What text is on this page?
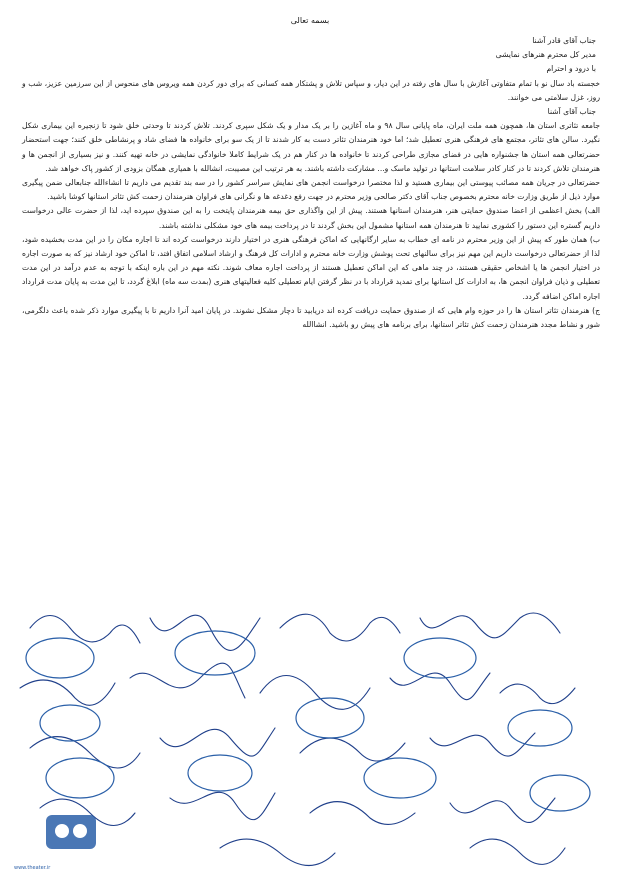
بسمه تعالی

جناب آقای قادر آشنا

مدیر کل محترم هنرهای نمایشی

با درود و احترام

خجسته باد سال نو با تمام متفاوتی آغازش با سال های رفته در این دیار، و سپاس تلاش و پشتکار همه کسانی که برای دور کردن همه ویروس های منحوس از این سرزمین عزیز، شب و روز، غزل سلامتی می خوانند.

جناب آقای آشنا

جامعه تئاتری استان ها، همچون همه ملت ایران، ماه پایانی سال ۹۸ و ماه آغازین را بر یک مدار و یک شکل سپری کردند. تلاش کردند تا وحدتی خلق شود تا زنجیره این بیماری شکل نگیرد. سالن های تئاتر، مجتمع های فرهنگی هنری تعطیل شد؛ اما خود هنرمندان تئاتر دست به کار شدند تا از یک سو برای خانواده ها فضای شاد و پرنشاطی خلق کنند؛ جهت استحضار حضرتعالی همه استان ها جشنواره هایی در فضای مجازی طراحی کردند تا خانواده ها در کنار هم در یک شرایط کاملا خانوادگی نمایشی در خانه تهیه کنند. و نیز بسیاری از انجمن ها و هنرمندان تلاش کردند تا در کنار کادر سلامت استانها در تولید ماسک و... مشارکت داشته باشند. به هر ترتیب این مصیبت، انشالله با همیاری همگان بزودی از کشور پاک خواهد شد.

حضرتعالی در جریان همه مصائب پیوستی این بیماری هستید و لذا مختصرا درخواست انجمن های نمایش سراسر کشور را در سه بند تقدیم می داریم تا انشاءالله جنابعالی ضمن پیگیری موارد ذیل از طریق وزارت خانه محترم بخصوص جناب آقای دکتر صالحی وزیر محترم در جهت رفع دغدغه ها و نگرانی های فراوان هنرمندان زحمت کش تئاتر استانها کوشا باشید.

الف) بخش اعظمی از اعضا صندوق حمایتی هنر، هنرمندان استانها هستند. پیش از این واگذاری حق بیمه هنرمندان پایتخت را به این صندوق سپرده اید، لذا از حضرت عالی درخواست داریم گستره این دستور را کشوری نمایید تا هنرمندان همه استانها مشمول این بخش گردند تا در پرداخت بیمه های خود مشکلی نداشته باشند.

ب) همان طور که پیش از این وزیر محترم در نامه ای خطاب به سایر ارگانهایی که اماکن فرهنگی هنری در اختیار دارند درخواست کرده اند تا اجاره مکان را در این مدت بخشیده شود، لذا از حضرتعالی درخواست داریم این مهم نیز برای سالنهای تحت پوشش وزارت خانه محترم و ادارات کل فرهنگ و ارشاد اسلامی اتفاق افتد، تا اماکن خود ارشاد نیز که به صورت اجاره در اختیار انجمن ها یا اشخاص حقیقی هستند، در چند ماهی که این اماکن تعطیل هستند از پرداخت اجاره معاف شوند. نکته مهم در این باره اینکه با توجه به عدم درآمد در این مدت تعطیلی و ذیان فراوان انجمن ها، به ادارات کل استانها برای تمدید قرارداد با در نظر گرفتن ایام تعطیلی کلیه فعالیتهای هنری (بمدت سه ماه) ابلاغ گردد، تا این مدت به پایان مدت قرارداد اجاره اماکن اضافه گردد.

ج) هنرمندان تئاتر استان ها را در حوزه وام هایی که از صندوق حمایت دریافت کرده اند دریابید تا دچار مشکل نشوند. در پایان امید آنرا داریم تا با پیگیری موارد ذکر شده باعث دلگرمی، شور و نشاط مجدد هنرمندان زحمت کش تئاتر استانها، برای برنامه های پیش رو باشید. انشاالله

www.theater.ir
